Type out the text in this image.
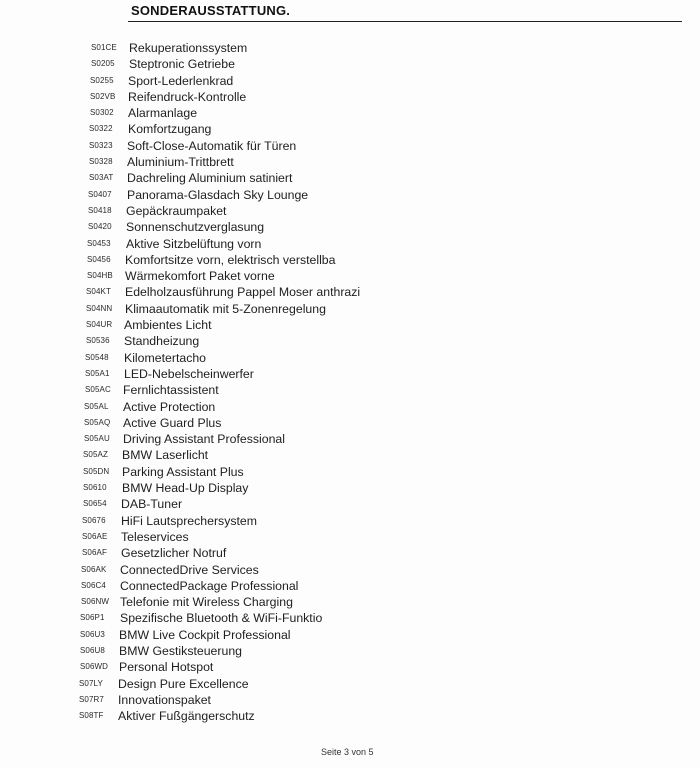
SONDERAUSSTATTUNG.
S01CE Rekuperationssystem
S0205 Steptronic Getriebe
S0255 Sport-Lederlenkrad
S02VB Reifendruck-Kontrolle
S0302 Alarmanlage
S0322 Komfortzugang
S0323 Soft-Close-Automatik für Türen
S0328 Aluminium-Trittbrett
S03AT Dachreling Aluminium satiniert
S0407 Panorama-Glasdach Sky Lounge
S0418 Gepäckraumpaket
S0420 Sonnenschutzverglasung
S0453 Aktive Sitzbelüftung vorn
S0456 Komfortsitze vorn, elektrisch verstellba
S04HB Wärmekomfort Paket vorne
S04KT Edelholzausführung Pappel Moser anthrazi
S04NN Klimaautomatik mit 5-Zonenregelung
S04UR Ambientes Licht
S0536 Standheizung
S0548 Kilometertacho
S05A1 LED-Nebelscheinwerfer
S05AC Fernlichtassistent
S05AL Active Protection
S05AQ Active Guard Plus
S05AU Driving Assistant Professional
S05AZ BMW Laserlicht
S05DN Parking Assistant Plus
S0610 BMW Head-Up Display
S0654 DAB-Tuner
S0676 HiFi Lautsprechersystem
S06AE Teleservices
S06AF Gesetzlicher Notruf
S06AK ConnectedDrive Services
S06C4 ConnectedPackage Professional
S06NW Telefonie mit Wireless Charging
S06P1 Spezifische Bluetooth & WiFi-Funktio
S06U3 BMW Live Cockpit Professional
S06U8 BMW Gestiksteuerung
S06WD Personal Hotspot
S07LY Design Pure Excellence
S07R7 Innovationspaket
S08TF Aktiver Fußgängerschutz
Seite 3 von 5
